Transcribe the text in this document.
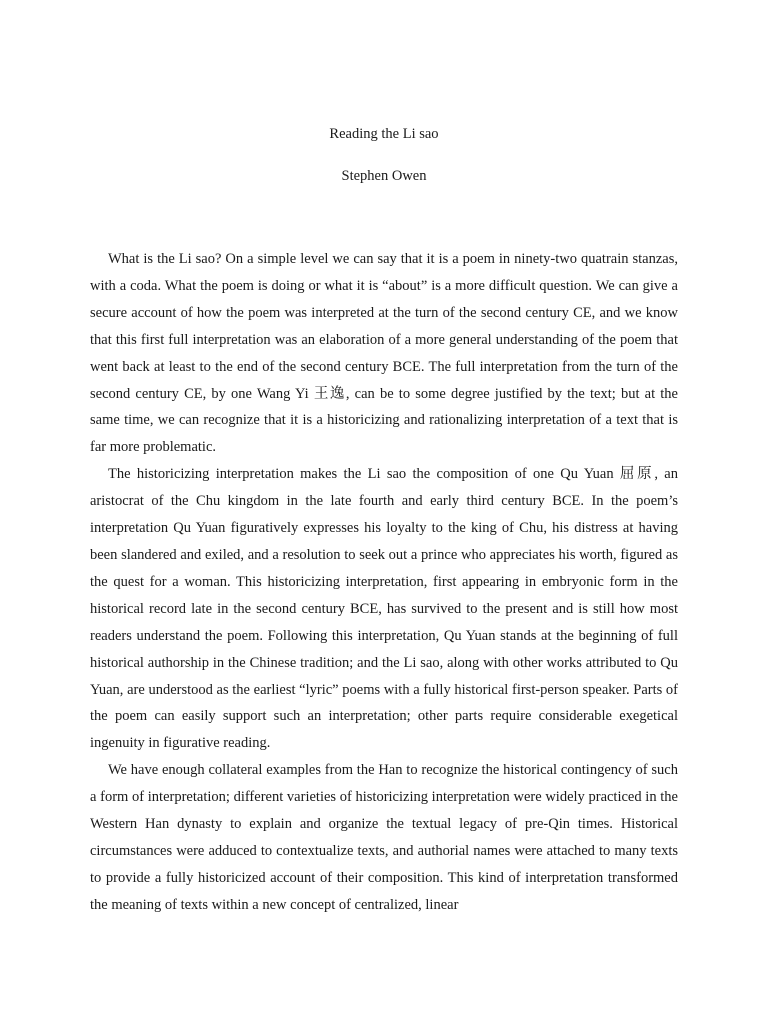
Reading the Li sao
Stephen Owen

What is the Li sao? On a simple level we can say that it is a poem in ninety-two quatrain stanzas, with a coda. What the poem is doing or what it is “about” is a more difficult question. We can give a secure account of how the poem was interpreted at the turn of the second century CE, and we know that this first full interpretation was an elaboration of a more general understanding of the poem that went back at least to the end of the second century BCE. The full interpretation from the turn of the second century CE, by one Wang Yi 王逸, can be to some degree justified by the text; but at the same time, we can recognize that it is a historicizing and rationalizing interpretation of a text that is far more problematic.

The historicizing interpretation makes the Li sao the composition of one Qu Yuan 屈原, an aristocrat of the Chu kingdom in the late fourth and early third century BCE. In the poem’s interpretation Qu Yuan figuratively expresses his loyalty to the king of Chu, his distress at having been slandered and exiled, and a resolution to seek out a prince who appreciates his worth, figured as the quest for a woman. This historicizing interpretation, first appearing in embryonic form in the historical record late in the second century BCE, has survived to the present and is still how most readers understand the poem. Following this interpretation, Qu Yuan stands at the beginning of full historical authorship in the Chinese tradition; and the Li sao, along with other works attributed to Qu Yuan, are understood as the earliest “lyric” poems with a fully historical first-person speaker. Parts of the poem can easily support such an interpretation; other parts require considerable exegetical ingenuity in figurative reading.

We have enough collateral examples from the Han to recognize the historical contingency of such a form of interpretation; different varieties of historicizing interpretation were widely practiced in the Western Han dynasty to explain and organize the textual legacy of pre-Qin times. Historical circumstances were adduced to contextualize texts, and authorial names were attached to many texts to provide a fully historicized account of their composition. This kind of interpretation transformed the meaning of texts within a new concept of centralized, linear
